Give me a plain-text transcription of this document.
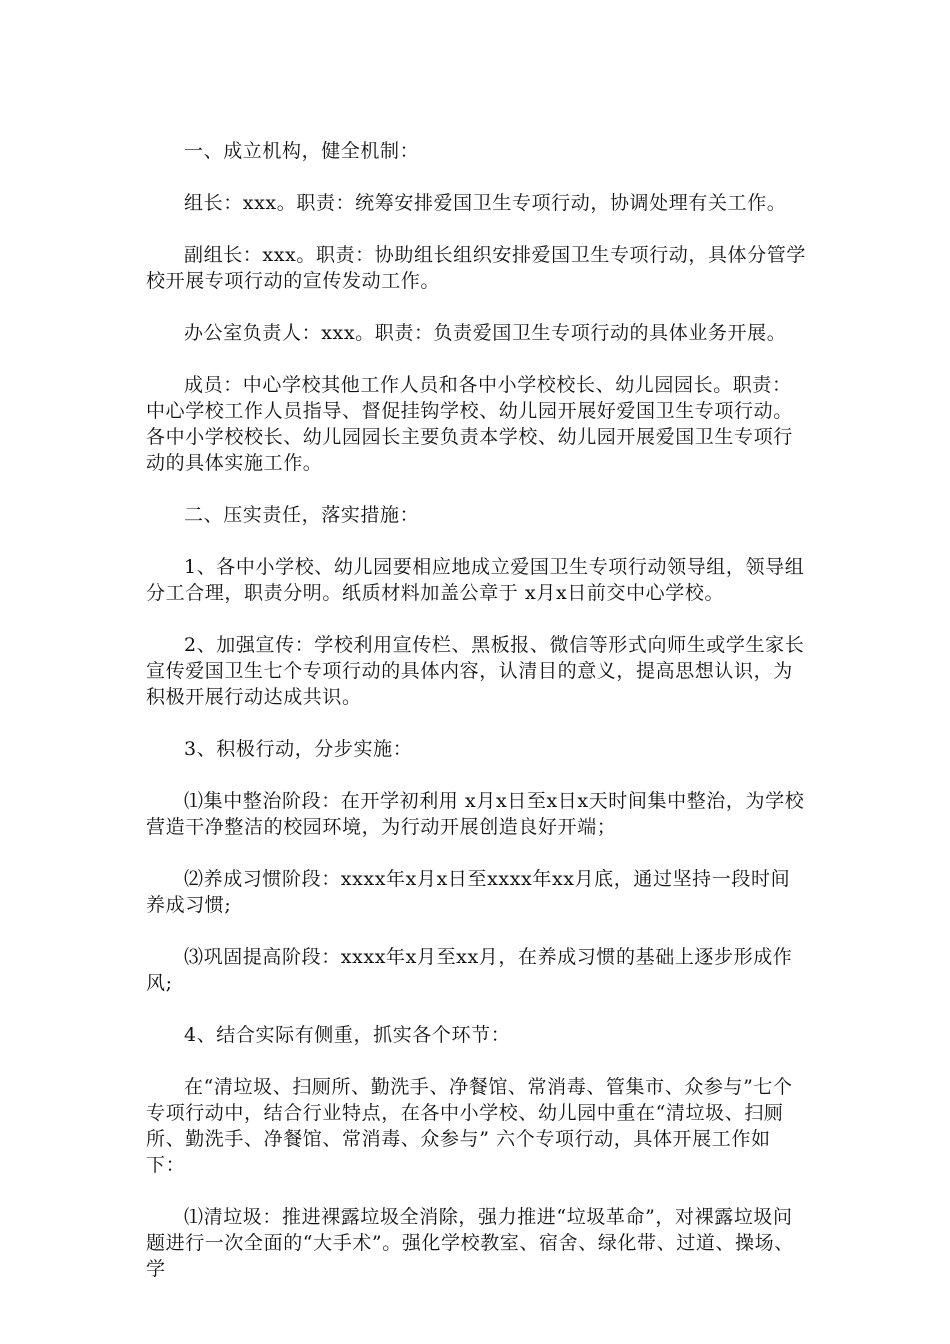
一、成立机构，健全机制：

组长：xxx。职责：统筹安排爱国卫生专项行动，协调处理有关工作。

副组长：xxx。职责：协助组长组织安排爱国卫生专项行动，具体分管学校开展专项行动的宣传发动工作。

办公室负责人：xxx。职责：负责爱国卫生专项行动的具体业务开展。

成员：中心学校其他工作人员和各中小学校校长、幼儿园园长。职责：中心学校工作人员指导、督促挂钩学校、幼儿园开展好爱国卫生专项行动。各中小学校校长、幼儿园园长主要负责本学校、幼儿园开展爱国卫生专项行动的具体实施工作。

二、压实责任，落实措施：

1、各中小学校、幼儿园要相应地成立爱国卫生专项行动领导组，领导组分工合理，职责分明。纸质材料加盖公章于 x月x日前交中心学校。

2、加强宣传：学校利用宣传栏、黑板报、微信等形式向师生或学生家长宣传爱国卫生七个专项行动的具体内容，认清目的意义，提高思想认识，为积极开展行动达成共识。

3、积极行动，分步实施：

⑴集中整治阶段：在开学初利用 x月x日至x日x天时间集中整治，为学校营造干净整洁的校园环境，为行动开展创造良好开端；

⑵养成习惯阶段：xxxx年x月x日至xxxx年xx月底，通过坚持一段时间养成习惯;

⑶巩固提高阶段：xxxx年x月至xx月，在养成习惯的基础上逐步形成作风;

4、结合实际有侧重，抓实各个环节：

在“清垃圾、扫厕所、勤洗手、净餐馆、常消毒、管集市、众参与”七个专项行动中，结合行业特点，在各中小学校、幼儿园中重在“清垃圾、扫厕所、勤洗手、净餐馆、常消毒、众参与” 六个专项行动，具体开展工作如下：

⑴清垃圾：推进裸露垃圾全消除，强力推进“垃圾革命”，对裸露垃圾问题进行一次全面的“大手术”。强化学校教室、宿舍、绿化带、过道、操场、学
